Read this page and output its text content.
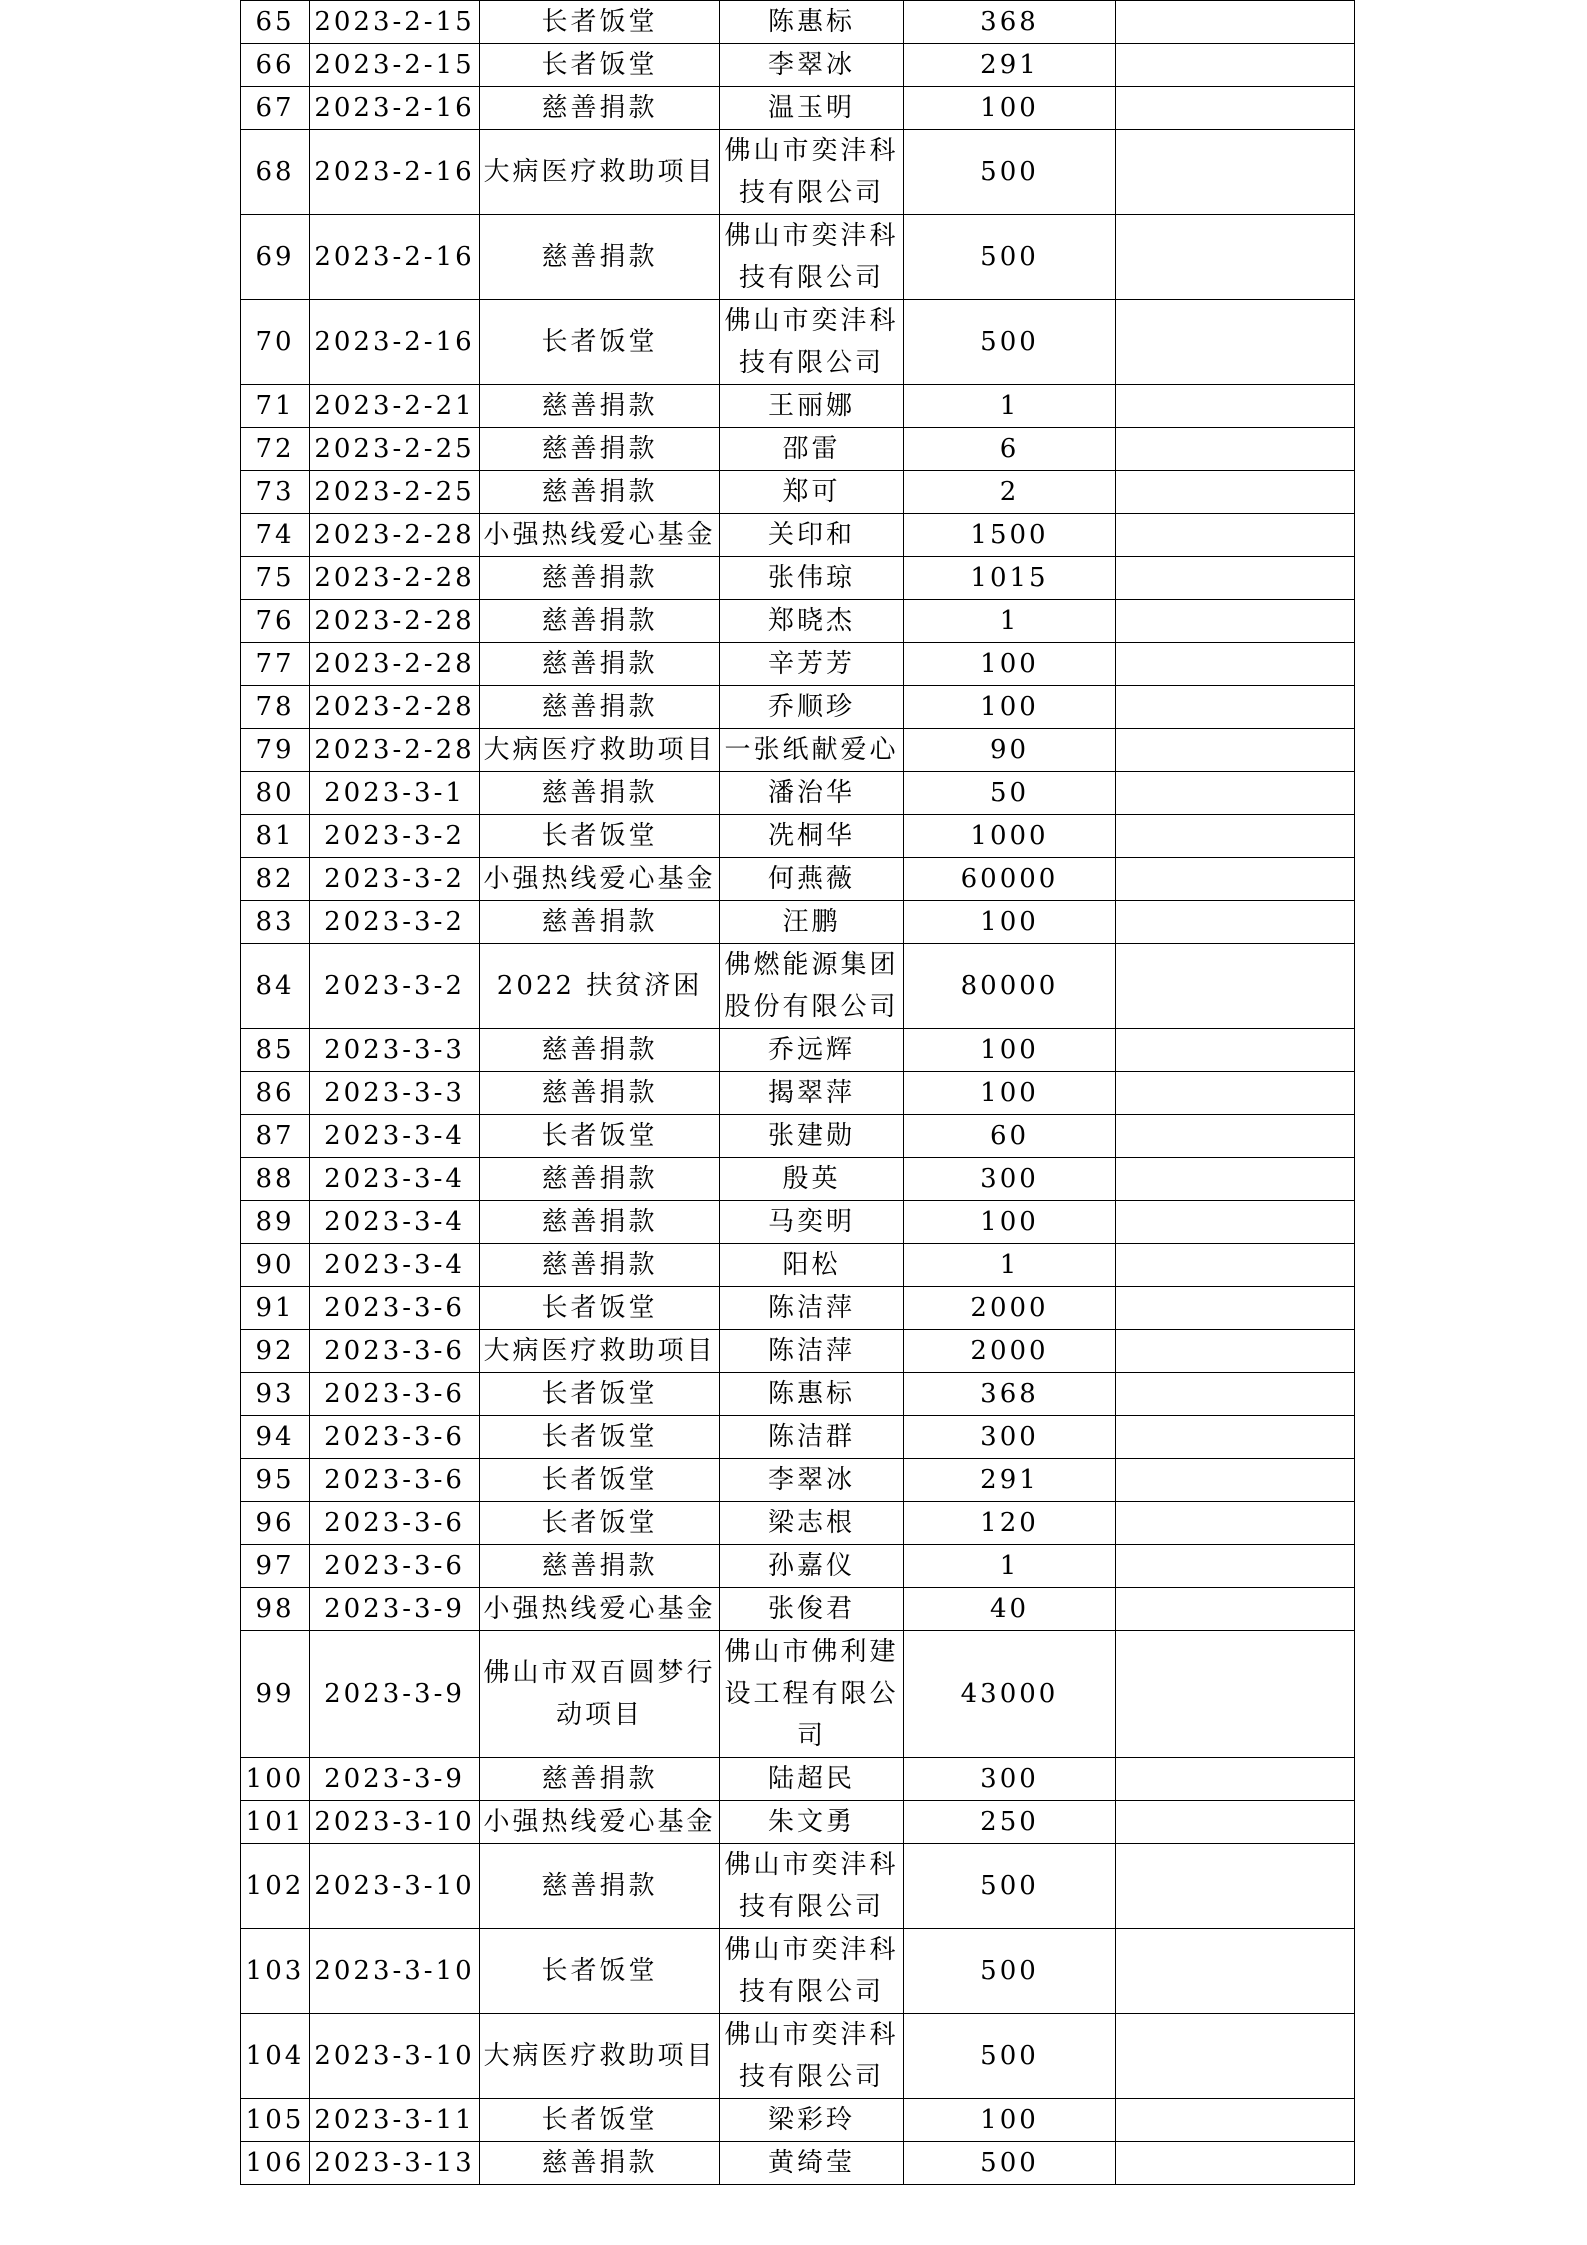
65	2023-2-15	长者饭堂	陈惠标	368	
66	2023-2-15	长者饭堂	李翠冰	291	
67	2023-2-16	慈善捐款	温玉明	100	
68	2023-2-16	大病医疗救助项目	佛山市奕沣科技有限公司	500	
69	2023-2-16	慈善捐款	佛山市奕沣科技有限公司	500	
70	2023-2-16	长者饭堂	佛山市奕沣科技有限公司	500	
71	2023-2-21	慈善捐款	王丽娜	1	
72	2023-2-25	慈善捐款	邵雷	6	
73	2023-2-25	慈善捐款	郑可	2	
74	2023-2-28	小强热线爱心基金	关印和	1500	
75	2023-2-28	慈善捐款	张伟琼	1015	
76	2023-2-28	慈善捐款	郑晓杰	1	
77	2023-2-28	慈善捐款	辛芳芳	100	
78	2023-2-28	慈善捐款	乔顺珍	100	
79	2023-2-28	大病医疗救助项目	一张纸献爱心	90	
80	2023-3-1	慈善捐款	潘治华	50	
81	2023-3-2	长者饭堂	冼桐华	1000	
82	2023-3-2	小强热线爱心基金	何燕薇	60000	
83	2023-3-2	慈善捐款	汪鹏	100	
84	2023-3-2	2022 扶贫济困	佛燃能源集团股份有限公司	80000	
85	2023-3-3	慈善捐款	乔远辉	100	
86	2023-3-3	慈善捐款	揭翠萍	100	
87	2023-3-4	长者饭堂	张建勋	60	
88	2023-3-4	慈善捐款	殷英	300	
89	2023-3-4	慈善捐款	马奕明	100	
90	2023-3-4	慈善捐款	阳松	1	
91	2023-3-6	长者饭堂	陈洁萍	2000	
92	2023-3-6	大病医疗救助项目	陈洁萍	2000	
93	2023-3-6	长者饭堂	陈惠标	368	
94	2023-3-6	长者饭堂	陈洁群	300	
95	2023-3-6	长者饭堂	李翠冰	291	
96	2023-3-6	长者饭堂	梁志根	120	
97	2023-3-6	慈善捐款	孙嘉仪	1	
98	2023-3-9	小强热线爱心基金	张俊君	40	
99	2023-3-9	佛山市双百圆梦行动项目	佛山市佛利建设工程有限公司	43000	
100	2023-3-9	慈善捐款	陆超民	300	
101	2023-3-10	小强热线爱心基金	朱文勇	250	
102	2023-3-10	慈善捐款	佛山市奕沣科技有限公司	500	
103	2023-3-10	长者饭堂	佛山市奕沣科技有限公司	500	
104	2023-3-10	大病医疗救助项目	佛山市奕沣科技有限公司	500	
105	2023-3-11	长者饭堂	梁彩玲	100	
106	2023-3-13	慈善捐款	黄绮莹	500	
